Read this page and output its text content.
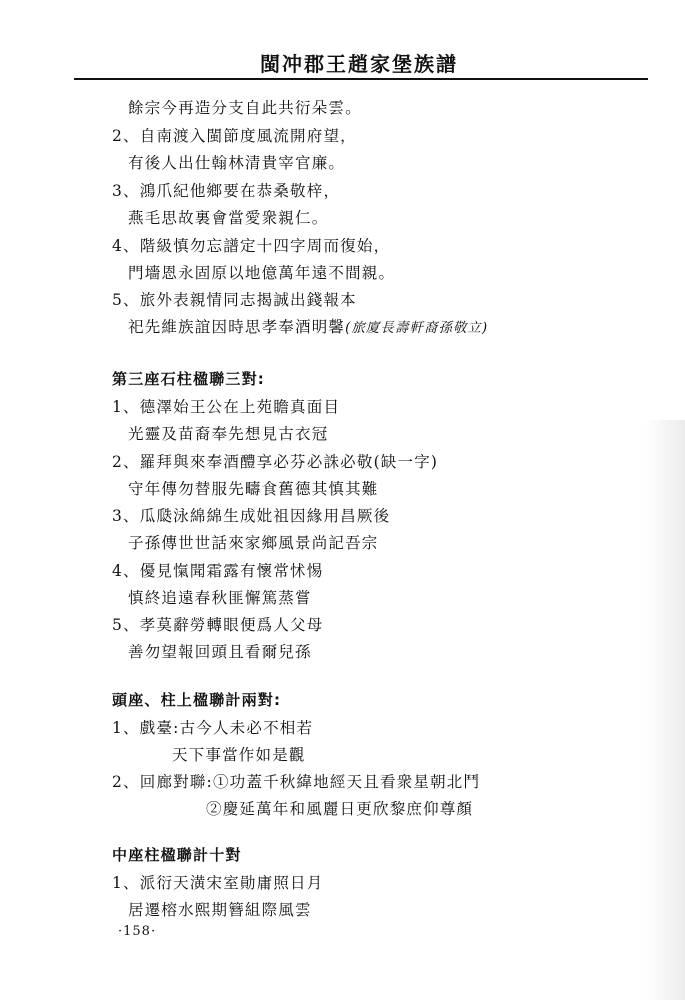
閩冲郡王趙家堡族譜
餘宗今再造分支自此共衍朵雲。
2、自南渡入閩節度風流開府望，
有後人出仕翰林清貴宰官廉。
3、鴻爪紀他鄉要在恭桑敬梓，
燕毛思故裏會當愛衆親仁。
4、階級慎勿忘譜定十四字周而復始，
門墻恩永固原以地億萬年遠不間親。
5、旅外表親情同志揭誠出錢報本
祀先維族誼因時思孝奉酒明馨(旅廈長壽軒裔孫敬立)
第三座石柱楹聯三對:
1、德澤始王公在上苑瞻真面目
光靈及苗裔奉先想見古衣冠
2、羅拜與來奉酒醴享必芬必誅必敬(缺一字)
守年傳勿替服先疇食舊德其慎其難
3、瓜瓞泳綿綿生成妣祖因緣用昌厥後
子孫傳世世話來家鄉風景尚記吾宗
4、優見愾聞霜露有懷常怵惕
慎終追遠春秋匪懈篤蒸嘗
5、孝莫辭勞轉眼便爲人父母
善勿望報回頭且看爾兒孫
頭座、柱上楹聯計兩對:
1、戲臺:古今人未必不相若
天下事當作如是觀
2、回廊對聯:①功蓋千秋緯地經天且看衆星朝北鬥
②慶延萬年和風麗日更欣黎庶仰尊顏
中座柱楹聯計十對
1、派衍天潢宋室勛庸照日月
居遷榕水熙期簪組際風雲
·158·
